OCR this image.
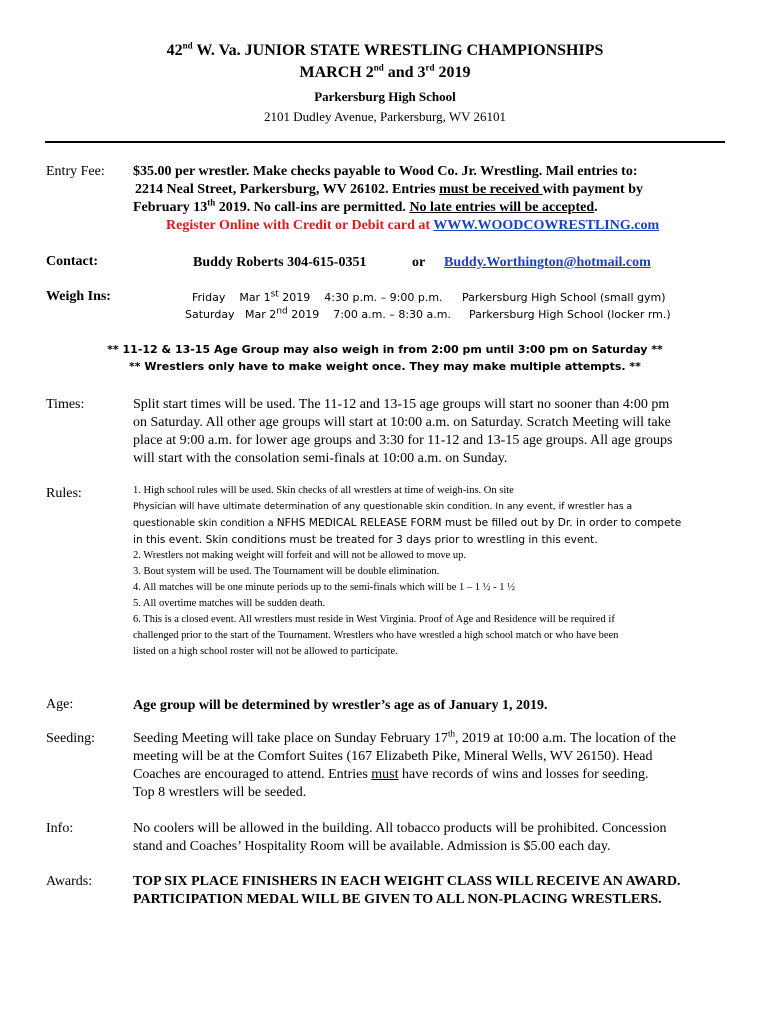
42nd W. Va. JUNIOR STATE WRESTLING CHAMPIONSHIPS
MARCH 2nd and 3rd 2019
Parkersburg High School
2101 Dudley Avenue, Parkersburg, WV 26101
Entry Fee: $35.00 per wrestler. Make checks payable to Wood Co. Jr. Wrestling. Mail entries to:
2214 Neal Street, Parkersburg, WV 26102. Entries must be received with payment by
February 13th 2019. No call-ins are permitted. No late entries will be accepted.
Register Online with Credit or Debit card at WWW.WOODCOWRESTLING.com
Contact:	Buddy Roberts 304-615-0351	or Buddy.Worthington@hotmail.com
Weigh Ins:	Friday    Mar 1st 2019    4:30 p.m. – 9:00 p.m. Parkersburg High School (small gym)
Saturday   Mar 2nd 2019    7:00 a.m. – 8:30 a.m. Parkersburg High School (locker rm.)
** 11-12 & 13-15 Age Group may also weigh in from 2:00 pm until 3:00 pm on Saturday **
** Wrestlers only have to make weight once. They may make multiple attempts. **
Times:	Split start times will be used. The 11-12 and 13-15 age groups will start no sooner than 4:00 pm
on Saturday. All other age groups will start at 10:00 a.m. on Saturday. Scratch Meeting will take
place at 9:00 a.m. for lower age groups and 3:30 for 11-12 and 13-15 age groups. All age groups
will start with the consolation semi-finals at 10:00 a.m. on Sunday.
Rules:	1. High school rules will be used. Skin checks of all wrestlers at time of weigh-ins. On site
Physician will have ultimate determination of any questionable skin condition. In any event, if wrestler has a
questionable skin condition a NFHS MEDICAL RELEASE FORM must be filled out by Dr. in order to compete
in this event. Skin conditions must be treated for 3 days prior to wrestling in this event.
2. Wrestlers not making weight will forfeit and will not be allowed to move up.
3. Bout system will be used. The Tournament will be double elimination.
4. All matches will be one minute periods up to the semi-finals which will be 1 – 1 ½ - 1 ½
5. All overtime matches will be sudden death.
6. This is a closed event. All wrestlers must reside in West Virginia. Proof of Age and Residence will be required if
challenged prior to the start of the Tournament. Wrestlers who have wrestled a high school match or who have been
listed on a high school roster will not be allowed to participate.
Age:	Age group will be determined by wrestler’s age as of January 1, 2019.
Seeding:	Seeding Meeting will take place on Sunday February 17th, 2019 at 10:00 a.m. The location of the
meeting will be at the Comfort Suites (167 Elizabeth Pike, Mineral Wells, WV 26150). Head
Coaches are encouraged to attend. Entries must have records of wins and losses for seeding.
Top 8 wrestlers will be seeded.
Info:	No coolers will be allowed in the building. All tobacco products will be prohibited. Concession
stand and Coaches’ Hospitality Room will be available. Admission is $5.00 each day.
Awards:	TOP SIX PLACE FINISHERS IN EACH WEIGHT CLASS WILL RECEIVE AN AWARD.
PARTICIPATION MEDAL WILL BE GIVEN TO ALL NON-PLACING WRESTLERS.
